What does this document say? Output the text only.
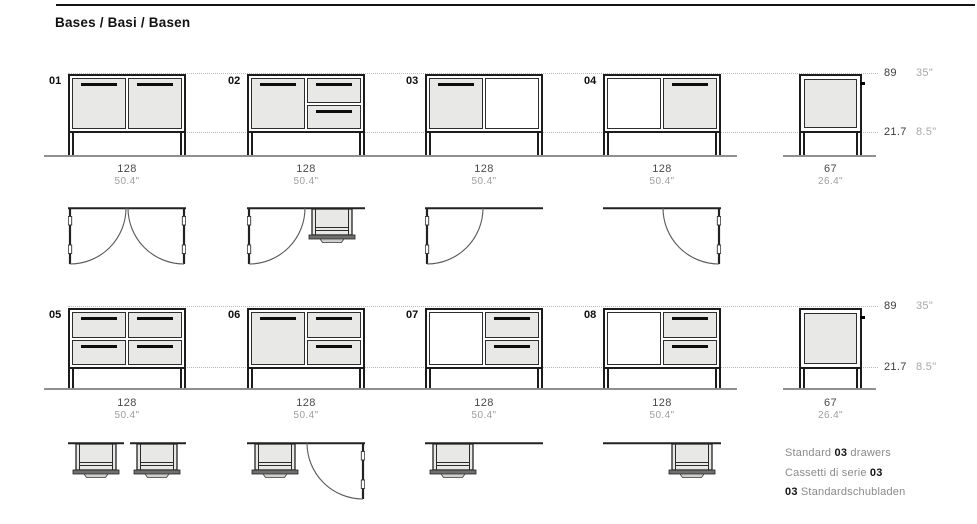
Bases / Basi / Basen
01
128
50.4"
02
128
50.4"
03
128
50.4"
04
128
50.4"
67
26.4"
89 35"
21.7 8.5"
05
128
50.4"
06
128
50.4"
07
128
50.4"
08
128
50.4"
67
26.4"
89 35"
21.7 8.5"
Standard 03 drawers
Cassetti di serie 03
03 Standardschubladen
